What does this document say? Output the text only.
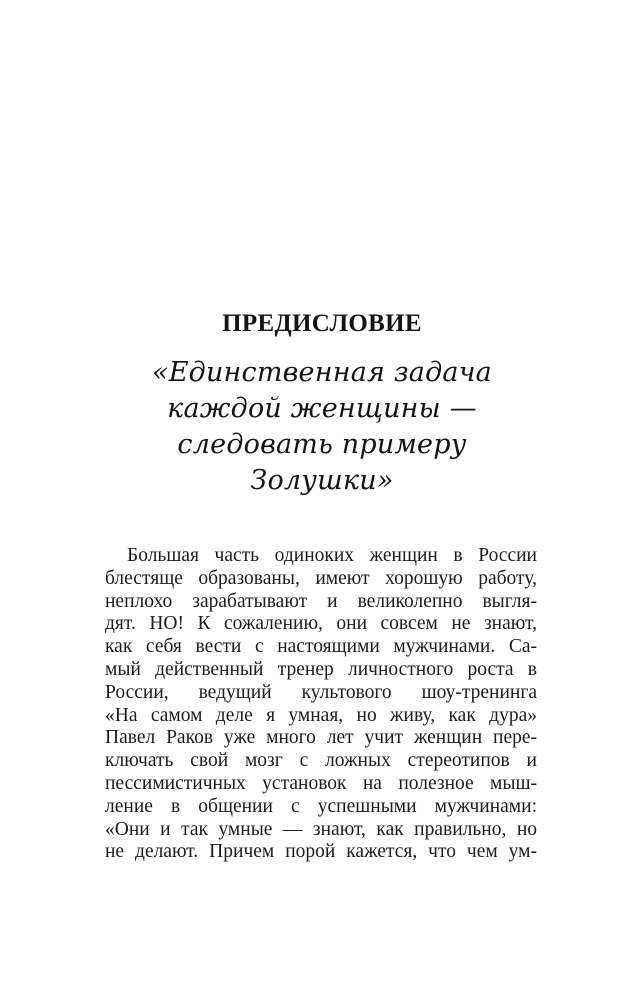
ПРЕДИСЛОВИЕ
«Единственная задача
каждой женщины —
следовать примеру
Золушки»
Большая часть одиноких женщин в России
блестяще образованы, имеют хорошую работу,
неплохо зарабатывают и великолепно выгля-
дят. НО! К сожалению, они совсем не знают,
как себя вести с настоящими мужчинами. Са-
мый действенный тренер личностного роста в
России, ведущий культового шоу-тренинга
«На самом деле я умная, но живу, как дура»
Павел Раков уже много лет учит женщин пере-
ключать свой мозг с ложных стереотипов и
пессимистичных установок на полезное мыш-
ление в общении с успешными мужчинами:
«Они и так умные — знают, как правильно, но
не делают. Причем порой кажется, что чем ум-
